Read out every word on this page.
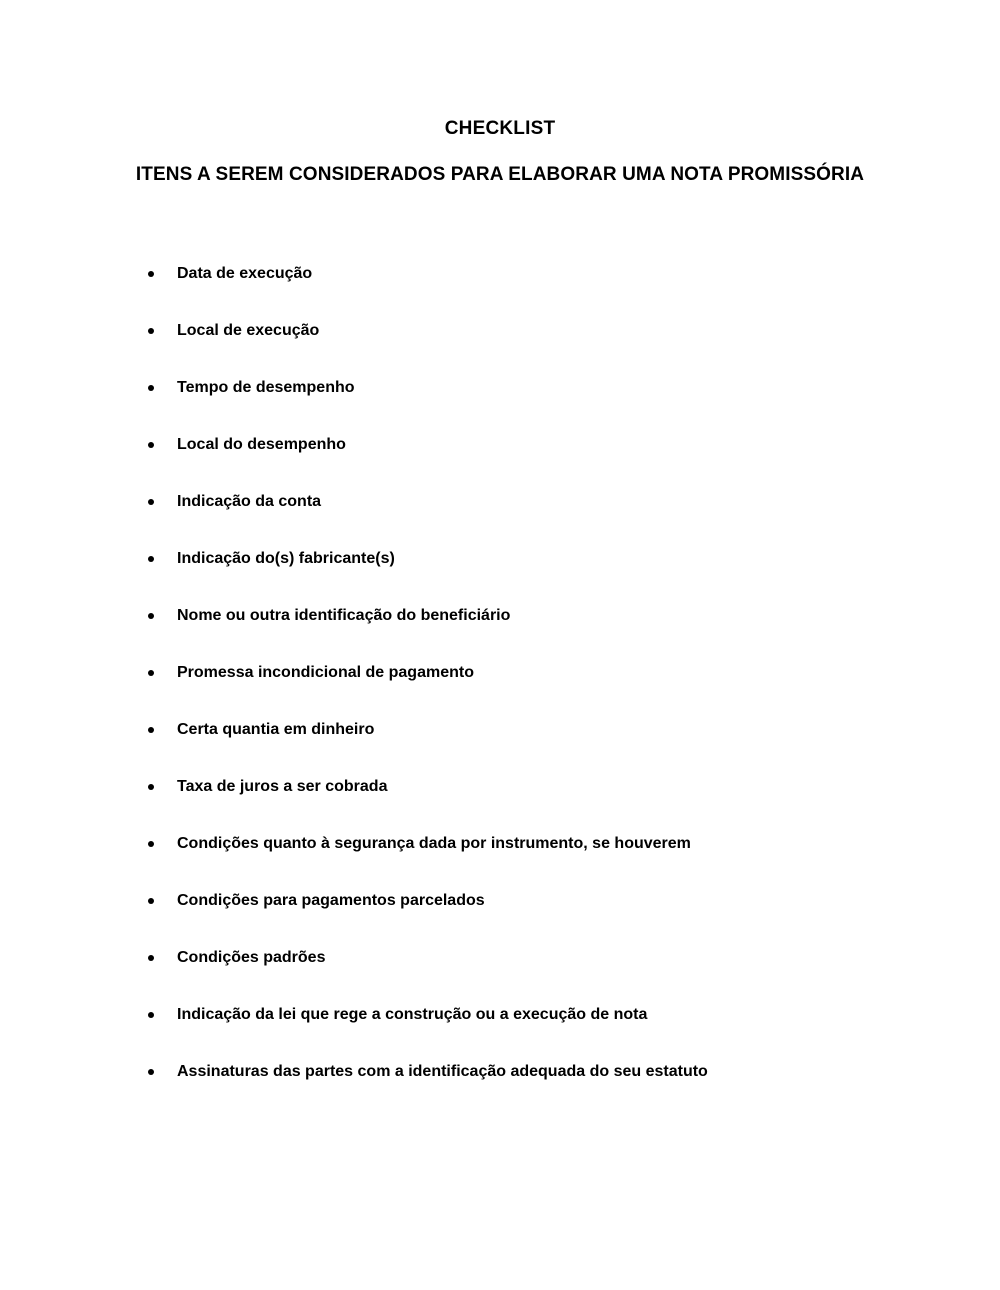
CHECKLIST
ITENS A SEREM CONSIDERADOS PARA ELABORAR UMA NOTA PROMISSÓRIA
Data de execução
Local de execução
Tempo de desempenho
Local do desempenho
Indicação da conta
Indicação do(s) fabricante(s)
Nome ou outra identificação do beneficiário
Promessa incondicional de pagamento
Certa quantia em dinheiro
Taxa de juros a ser cobrada
Condições quanto à segurança dada por instrumento, se houverem
Condições para pagamentos parcelados
Condições padrões
Indicação da lei que rege a construção ou a execução de nota
Assinaturas das partes com a identificação adequada do seu estatuto
